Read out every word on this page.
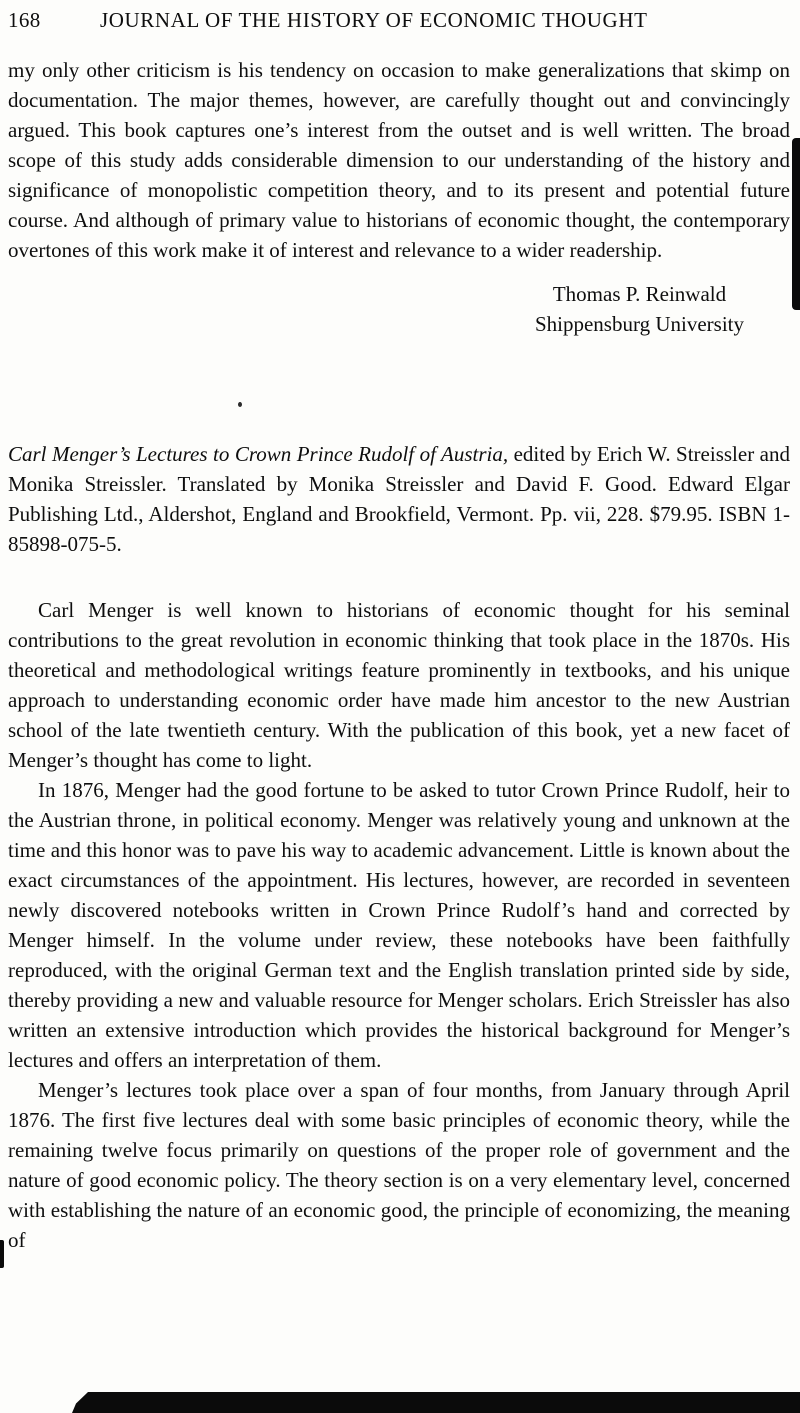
168	JOURNAL OF THE HISTORY OF ECONOMIC THOUGHT

my only other criticism is his tendency on occasion to make generalizations that skimp on documentation. The major themes, however, are carefully thought out and convincingly argued. This book captures one’s interest from the outset and is well written. The broad scope of this study adds considerable dimension to our understanding of the history and significance of monopolistic competition theory, and to its present and potential future course. And although of primary value to historians of economic thought, the contemporary overtones of this work make it of interest and relevance to a wider readership.

Thomas P. Reinwald
Shippensburg University

Carl Menger’s Lectures to Crown Prince Rudolf of Austria, edited by Erich W. Streissler and Monika Streissler. Translated by Monika Streissler and David F. Good. Edward Elgar Publishing Ltd., Aldershot, England and Brookfield, Vermont. Pp. vii, 228. $79.95. ISBN 1-85898-075-5.

Carl Menger is well known to historians of economic thought for his seminal contributions to the great revolution in economic thinking that took place in the 1870s. His theoretical and methodological writings feature prominently in textbooks, and his unique approach to understanding economic order have made him ancestor to the new Austrian school of the late twentieth century. With the publication of this book, yet a new facet of Menger’s thought has come to light.

In 1876, Menger had the good fortune to be asked to tutor Crown Prince Rudolf, heir to the Austrian throne, in political economy. Menger was relatively young and unknown at the time and this honor was to pave his way to academic advancement. Little is known about the exact circumstances of the appointment. His lectures, however, are recorded in seventeen newly discovered notebooks written in Crown Prince Rudolf’s hand and corrected by Menger himself. In the volume under review, these notebooks have been faithfully reproduced, with the original German text and the English translation printed side by side, thereby providing a new and valuable resource for Menger scholars. Erich Streissler has also written an extensive introduction which provides the historical background for Menger’s lectures and offers an interpretation of them.

Menger’s lectures took place over a span of four months, from January through April 1876. The first five lectures deal with some basic principles of economic theory, while the remaining twelve focus primarily on questions of the proper role of government and the nature of good economic policy. The theory section is on a very elementary level, concerned with establishing the nature of an economic good, the principle of economizing, the meaning of
